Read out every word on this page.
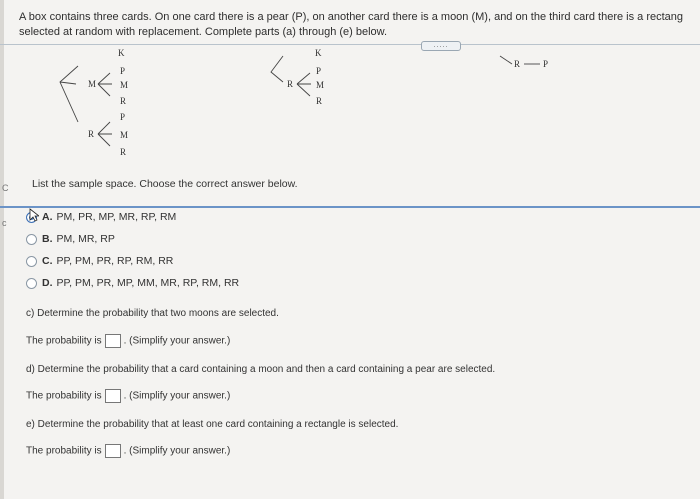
C
c
A box contains three cards. On one card there is a pear (P), on another card there is a moon (M), and on the third card there is a rectang
selected at random with replacement. Complete parts (a) through (e) below.
.....
K
P
M	M
R
P
R	M
R
K
P
R	M
R
R	P
List the sample space. Choose the correct answer below.
A. PM, PR, MP, MR, RP, RM
B. PM, MR, RP
C. PP, PM, PR, RP, RM, RR
D. PP, PM, PR, MP, MM, MR, RP, RM, RR
c) Determine the probability that two moons are selected.
The probability is . (Simplify your answer.)
d) Determine the probability that a card containing a moon and then a card containing a pear are selected.
The probability is . (Simplify your answer.)
e) Determine the probability that at least one card containing a rectangle is selected.
The probability is . (Simplify your answer.)
